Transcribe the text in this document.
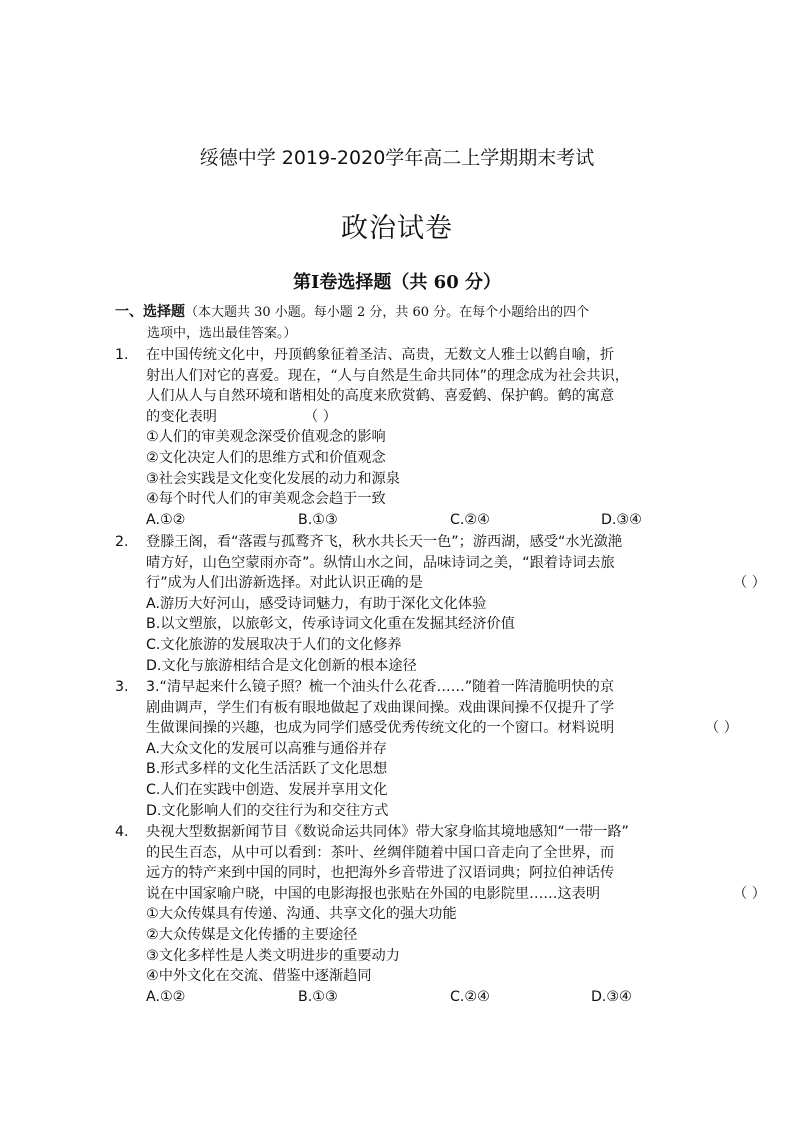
绥德中学 2019-2020学年高二上学期期末考试
政治试卷
第Ⅰ卷选择题（共 60 分）
一、选择题（本大题共 30 小题。每小题 2 分，共 60 分。在每个小题给出的四个
选项中，选出最佳答案。）
1.	在中国传统文化中，丹顶鹤象征着圣洁、高贵，无数文人雅士以鹤自喻，折
射出人们对它的喜爱。现在，“人与自然是生命共同体”的理念成为社会共识，
人们从人与自然环境和谐相处的高度来欣赏鹤、喜爱鹤、保护鹤。鹤的寓意
的变化表明	（ ）
①人们的审美观念深受价值观念的影响
②文化决定人们的思维方式和价值观念
③社会实践是文化变化发展的动力和源泉
④每个时代人们的审美观念会趋于一致
A.①②	B.①③	C.②④	D.③④
2.	登滕王阁，看“落霞与孤鹜齐飞，秋水共长天一色”；游西湖，感受“水光潋滟
晴方好，山色空蒙雨亦奇”。纵情山水之间，品味诗词之美，“跟着诗词去旅
行”成为人们出游新选择。对此认识正确的是
A.游历大好河山，感受诗词魅力，有助于深化文化体验
B.以文塑旅，以旅彰文，传承诗词文化重在发掘其经济价值
C.文化旅游的发展取决于人们的文化修养
D.文化与旅游相结合是文化创新的根本途径
（ ）
3.	3.“清早起来什么镜子照？梳一个油头什么花香……”随着一阵清脆明快的京
剧曲调声，学生们有板有眼地做起了戏曲课间操。戏曲课间操不仅提升了学
生做课间操的兴趣，也成为同学们感受优秀传统文化的一个窗口。材料说明
A.大众文化的发展可以高雅与通俗并存
B.形式多样的文化生活活跃了文化思想
C.人们在实践中创造、发展并享用文化
D.文化影响人们的交往行为和交往方式
（ ）
4.	央视大型数据新闻节目《数说命运共同体》带大家身临其境地感知“一带一路”
的民生百态，从中可以看到：茶叶、丝绸伴随着中国口音走向了全世界，而
远方的特产来到中国的同时，也把海外乡音带进了汉语词典；阿拉伯神话传
说在中国家喻户晓，中国的电影海报也张贴在外国的电影院里……这表明
①大众传媒具有传递、沟通、共享文化的强大功能
②大众传媒是文化传播的主要途径
③文化多样性是人类文明进步的重要动力
④中外文化在交流、借鉴中逐渐趋同
A.①②	B.①③	C.②④	D.③④
（ ）
